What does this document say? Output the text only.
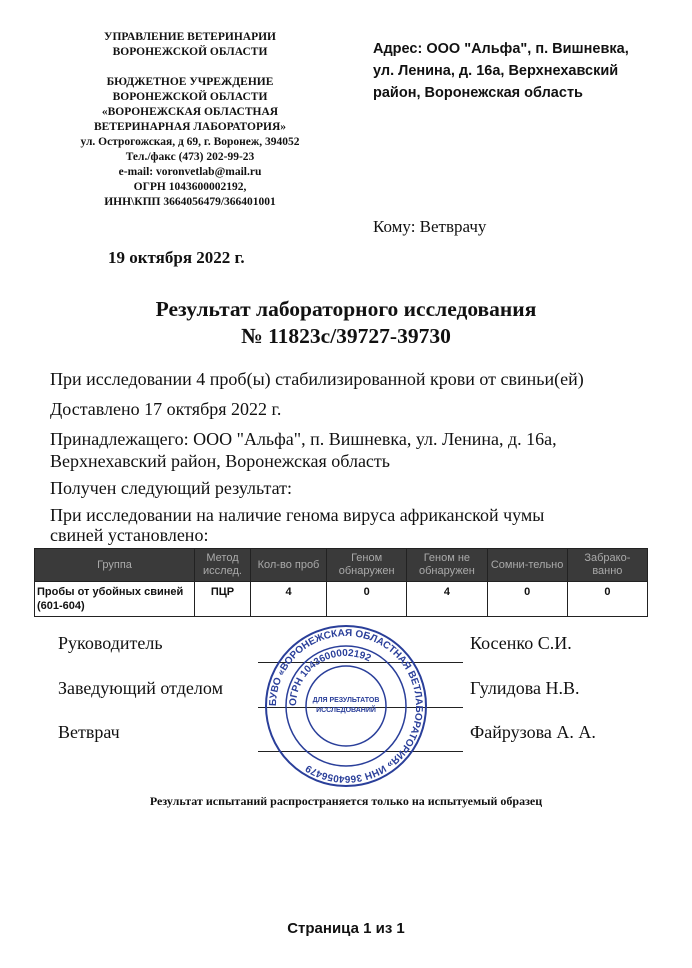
УПРАВЛЕНИЕ ВЕТЕРИНАРИИ
ВОРОНЕЖСКОЙ ОБЛАСТИ
БЮДЖЕТНОЕ УЧРЕЖДЕНИЕ
ВОРОНЕЖСКОЙ ОБЛАСТИ
«ВОРОНЕЖСКАЯ ОБЛАСТНАЯ
ВЕТЕРИНАРНАЯ ЛАБОРАТОРИЯ»
ул. Острогожская, д 69, г. Воронеж, 394052
Тел./факс (473) 202-99-23
e-mail: voronvetlab@mail.ru
ОГРН 1043600002192,
ИНН\КПП 3664056479/366401001
Адрес: ООО "Альфа", п. Вишневка,
ул. Ленина, д. 16а, Верхнехавский
район, Воронежская область
Кому: Ветврачу
19 октября 2022 г.
Результат лабораторного исследования
№ 11823с/39727-39730
При исследовании 4 проб(ы) стабилизированной крови от свиньи(ей)
Доставлено 17 октября 2022 г.
Принадлежащего: ООО "Альфа", п. Вишневка, ул. Ленина, д. 16а,
Верхнехавский район, Воронежская область
Получен следующий результат:
При исследовании на наличие генома вируса африканской чумы
свиней установлено:
Группа	Метод исслед.	Кол-во проб	Геном обнаружен	Геном не обнаружен	Сомни-тельно	Забрако-ванно
Пробы от убойных свиней (601-604)	ПЦР	4	0	4	0	0
Руководитель	Косенко С.И.
Заведующий отделом	Гулидова Н.В.
Ветврач	Файрузова А. А.
БУВО «ВОРОНЕЖСКАЯ ОБЛАСТНАЯ ВЕТЛАБОРАТОРИЯ» ИНН 3664056479
ОГРН 1043600002192
ДЛЯ РЕЗУЛЬТАТОВ ИССЛЕДОВАНИЙ
Результат испытаний распространяется только на испытуемый образец
Страница 1 из 1
